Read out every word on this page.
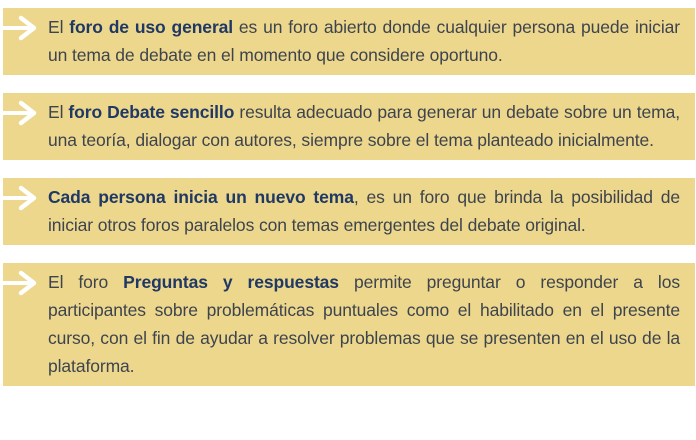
El foro de uso general es un foro abierto donde cualquier persona puede iniciar un tema de debate en el momento que considere oportuno.

El foro Debate sencillo resulta adecuado para generar un debate sobre un tema, una teoría, dialogar con autores, siempre sobre el tema planteado inicialmente.

Cada persona inicia un nuevo tema, es un foro que brinda la posibilidad de iniciar otros foros paralelos con temas emergentes del debate original.

El foro Preguntas y respuestas permite preguntar o responder a los participantes sobre problemáticas puntuales como el habilitado en el presente curso, con el fin de ayudar a resolver problemas que se presenten en el uso de la plataforma.
